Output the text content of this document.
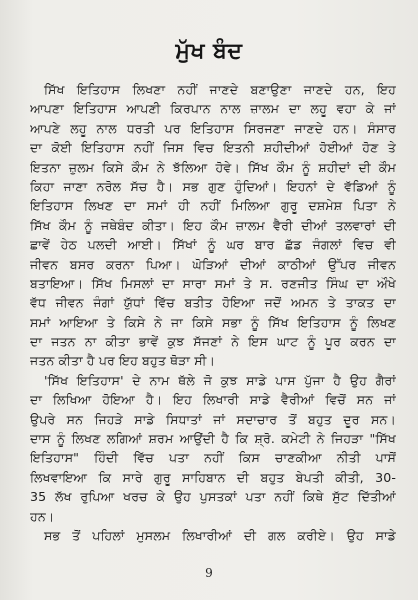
ਮੁੱਖ ਬੰਦ
ਸਿੱਖ ਇਤਿਹਾਸ ਲਿਖਣਾ ਨਹੀਂ ਜਾਣਦੇ ਬਣਾਉਣਾ ਜਾਣਦੇ ਹਨ, ਇਹ
ਆਪਣਾ ਇਤਿਹਾਸ ਆਪਣੀ ਕਿਰਪਾਨ ਨਾਲ ਜ਼ਾਲਮ ਦਾ ਲਹੂ ਵਹਾ ਕੇ ਜਾਂ
ਆਪਣੇ ਲਹੂ ਨਾਲ ਧਰਤੀ ਪਰ ਇਤਿਹਾਸ ਸਿਰਜਣਾ ਜਾਣਦੇ ਹਨ। ਸੰਸਾਰ
ਦਾ ਕੋਈ ਇਤਿਹਾਸ ਨਹੀਂ ਜਿਸ ਵਿਚ ਇਤਨੀ ਸ਼ਹੀਦੀਆਂ ਹੋਈਆਂ ਹੋਣ ਤੇ
ਇਤਨਾ ਜ਼ੁਲਮ ਕਿਸੇ ਕੌਮ ਨੇ ਝੱਲਿਆ ਹੋਵੇ। ਸਿੱਖ ਕੌਮ ਨੂੰ ਸ਼ਹੀਦਾਂ ਦੀ ਕੌਮ
ਕਿਹਾ ਜਾਣਾ ਨਰੋਲ ਸੱਚ ਹੈ। ਸਭ ਗੁਣ ਹੁੰਦਿਆਂ। ਇਹਨਾਂ ਦੇ ਵੱਡਿਆਂ ਨੂੰ
ਇਤਿਹਾਸ ਲਿਖਣ ਦਾ ਸਮਾਂ ਹੀ ਨਹੀਂ ਮਿਲਿਆ ਗੁਰੂ ਦਸ਼ਮੇਸ਼ ਪਿਤਾ ਨੇ
ਸਿੱਖ ਕੌਮ ਨੂੰ ਜਥੇਬੰਦ ਕੀਤਾ। ਇਹ ਕੌਮ ਜ਼ਾਲਮ ਵੈਰੀ ਦੀਆਂ ਤਲਵਾਰਾਂ ਦੀ
ਛਾਵੇਂ ਹੇਠ ਪਲਦੀ ਆਈ। ਸਿੱਖਾਂ ਨੂੰ ਘਰ ਬਾਰ ਛੱਡ ਜੰਗਲਾਂ ਵਿਚ ਵੀ
ਜੀਵਨ ਬਸਰ ਕਰਨਾ ਪਿਆ। ਘੋੜਿਆਂ ਦੀਆਂ ਕਾਠੀਆਂ ਉੱਪਰ ਜੀਵਨ
ਬਤਾਇਆ। ਸਿੱਖ ਮਿਸਲਾਂ ਦਾ ਸਾਰਾ ਸਮਾਂ ਤੇ ਸ. ਰਣਜੀਤ ਸਿੰਘ ਦਾ ਔਖੇ
ਵੱਧ ਜੀਵਨ ਜੰਗਾਂ ਯੁੱਧਾਂ ਵਿੱਚ ਬਤੀਤ ਹੋਇਆ ਜਦੋਂ ਅਮਨ ਤੇ ਤਾਕਤ ਦਾ
ਸਮਾਂ ਆਇਆ ਤੇ ਕਿਸੇ ਨੇ ਜਾ ਕਿਸੇ ਸਭਾ ਨੂੰ ਸਿੱਖ ਇਤਿਹਾਸ ਨੂੰ ਲਿਖਣ
ਦਾ ਜਤਨ ਨਾ ਕੀਤਾ ਭਾਵੇਂ ਕੁਝ ਸੱਜਣਾਂ ਨੇ ਇਸ ਘਾਟ ਨੂੰ ਪੂਰ ਕਰਨ ਦਾ
ਜਤਨ ਕੀਤਾ ਹੈ ਪਰ ਇਹ ਬਹੁਤ ਥੋੜਾ ਸੀ।
'ਸਿੱਖ ਇਤਿਹਾਸ' ਦੇ ਨਾਮ ਥੱਲੇ ਜੋ ਕੁਝ ਸਾਡੇ ਪਾਸ ਪੁੱਜਾ ਹੈ ਉਹ ਗੈਰਾਂ
ਦਾ ਲਿਖਿਆ ਹੋਇਆ ਹੈ। ਇਹ ਲਿਖਾਰੀ ਸਾਡੇ ਵੈਰੀਆਂ ਵਿਚੋਂ ਸਨ ਜਾਂ
ਉਪਰੇ ਸਨ ਜਿਹੜੇ ਸਾਡੇ ਸਿਧਾਤਾਂ ਜਾਂ ਸਦਾਚਾਰ ਤੋਂ ਬਹੁਤ ਦੂਰ ਸਨ।
ਦਾਸ ਨੂੰ ਲਿਖਣ ਲਗਿਆਂ ਸ਼ਰਮ ਆਉਂਦੀ ਹੈ ਕਿ ਸ਼੍ਰੋ. ਕਮੇਟੀ ਨੇ ਜਿਹੜਾ "ਸਿੱਖ
ਇਤਿਹਾਸ" ਹਿੰਦੀ ਵਿੱਚ ਪਤਾ ਨਹੀਂ ਕਿਸ ਚਾਣਕੀਆ ਨੀਤੀ ਪਾਸੋਂ
ਲਿਖਵਾਇਆ ਕਿ ਸਾਰੇ ਗੁਰੂ ਸਾਹਿਬਾਨ ਦੀ ਬਹੁਤ ਬੇਪਤੀ ਕੀਤੀ, 30-
35 ਲੱਖ ਰੁਪਿਆ ਖਰਚ ਕੇ ਉਹ ਪੁਸਤਕਾਂ ਪਤਾ ਨਹੀਂ ਕਿਥੇ ਸੁੱਟ ਦਿੱਤੀਆਂ
ਹਨ।
ਸਭ ਤੋਂ ਪਹਿਲਾਂ ਮੁਸਲਮ ਲਿਖਾਰੀਆਂ ਦੀ ਗਲ ਕਰੀਏ। ਉਹ ਸਾਡੇ
9
